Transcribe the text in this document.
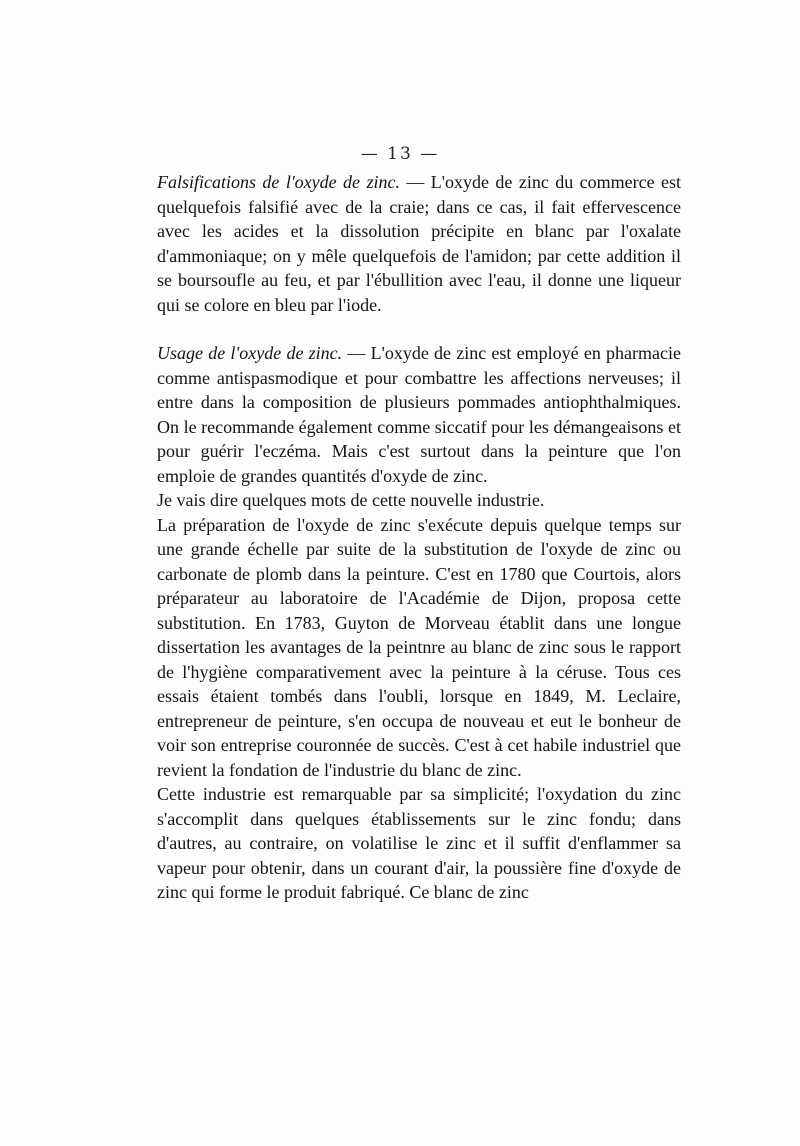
— 13 —

Falsifications de l'oxyde de zinc. — L'oxyde de zinc du commerce est quelquefois falsifié avec de la craie; dans ce cas, il fait effervescence avec les acides et la dissolution précipite en blanc par l'oxalate d'ammoniaque; on y mêle quelquefois de l'amidon; par cette addition il se boursoufle au feu, et par l'ébullition avec l'eau, il donne une liqueur qui se colore en bleu par l'iode.

Usage de l'oxyde de zinc. — L'oxyde de zinc est employé en pharmacie comme antispasmodique et pour combattre les affections nerveuses; il entre dans la composition de plusieurs pommades antiophthalmiques. On le recommande également comme siccatif pour les démangeaisons et pour guérir l'eczéma. Mais c'est surtout dans la peinture que l'on emploie de grandes quantités d'oxyde de zinc.

Je vais dire quelques mots de cette nouvelle industrie.

La préparation de l'oxyde de zinc s'exécute depuis quelque temps sur une grande échelle par suite de la substitution de l'oxyde de zinc ou carbonate de plomb dans la peinture. C'est en 1780 que Courtois, alors préparateur au laboratoire de l'Académie de Dijon, proposa cette substitution. En 1783, Guyton de Morveau établit dans une longue dissertation les avantages de la peintnre au blanc de zinc sous le rapport de l'hygiène comparativement avec la peinture à la céruse. Tous ces essais étaient tombés dans l'oubli, lorsque en 1849, M. Leclaire, entrepreneur de peinture, s'en occupa de nouveau et eut le bonheur de voir son entreprise couronnée de succès. C'est à cet habile industriel que revient la fondation de l'industrie du blanc de zinc.

Cette industrie est remarquable par sa simplicité; l'oxydation du zinc s'accomplit dans quelques établissements sur le zinc fondu; dans d'autres, au contraire, on volatilise le zinc et il suffit d'enflammer sa vapeur pour obtenir, dans un courant d'air, la poussière fine d'oxyde de zinc qui forme le produit fabriqué. Ce blanc de zinc
